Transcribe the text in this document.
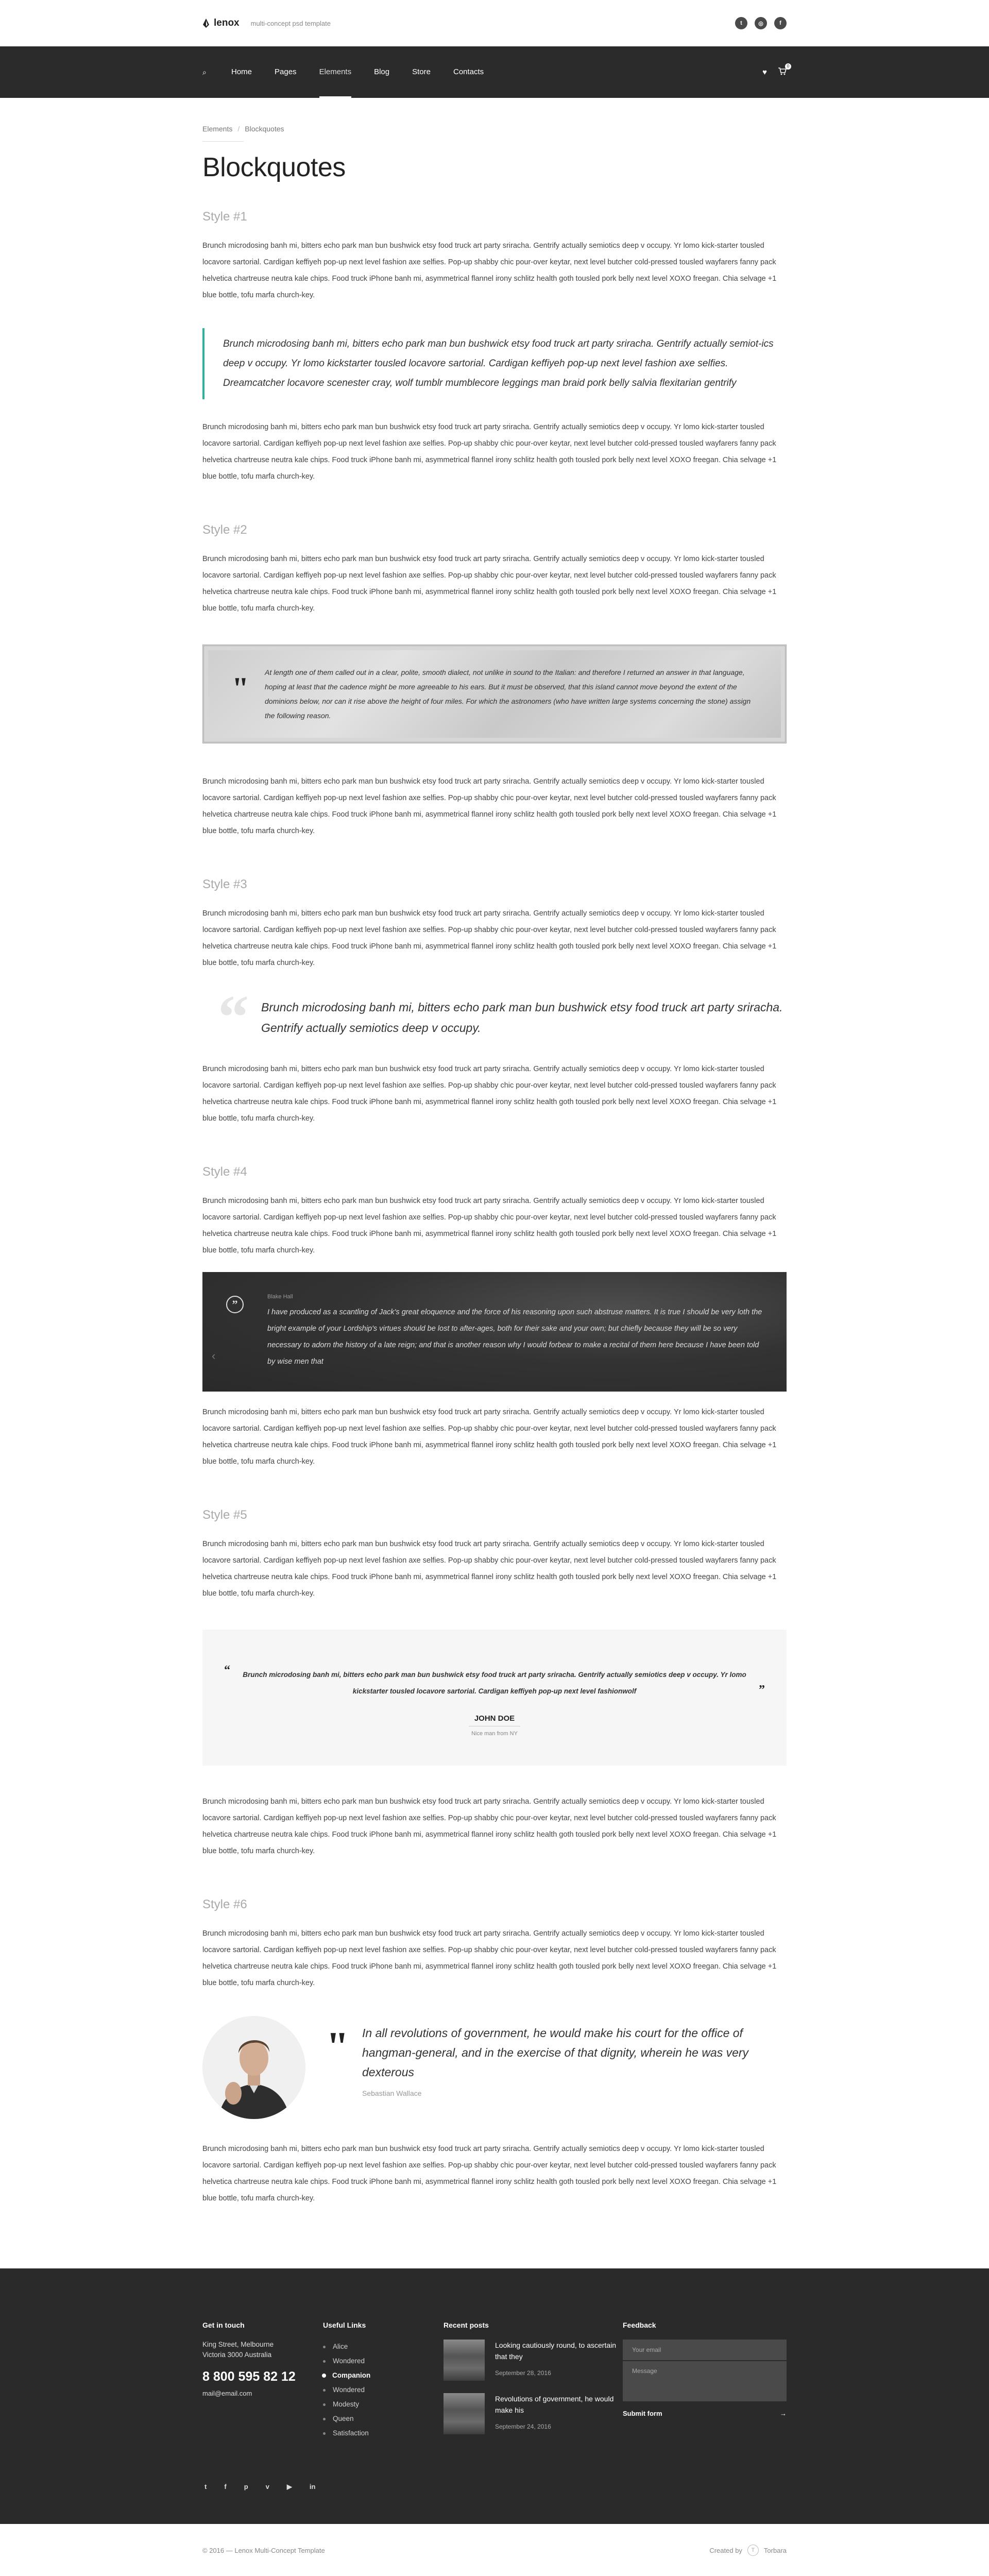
lenox multi-concept psd template	t	◎	f
⌕	Home	Pages	Elements	Blog	Store	Contacts	♥
0
Elements / Blockquotes
Blockquotes
Style #1

Brunch microdosing banh mi, bitters echo park man bun bushwick etsy food truck art party sriracha. Gentrify actually semiotics deep v occupy. Yr lomo kick-starter tousled locavore sartorial. Cardigan keffiyeh pop-up next level fashion axe selfies. Pop-up shabby chic pour-over keytar, next level butcher cold-pressed tousled wayfarers fanny pack helvetica chartreuse neutra kale chips. Food truck iPhone banh mi, asymmetrical flannel irony schlitz health goth tousled pork belly next level XOXO freegan. Chia selvage +1 blue bottle, tofu marfa church-key.

Brunch microdosing banh mi, bitters echo park man bun bushwick etsy food truck art party sriracha. Gentrify actually semiot-ics deep v occupy. Yr lomo kickstarter tousled locavore sartorial. Cardigan keffiyeh pop-up next level fashion axe selfies. Dreamcatcher locavore scenester cray, wolf tumblr mumblecore leggings man braid pork belly salvia flexitarian gentrify

Brunch microdosing banh mi, bitters echo park man bun bushwick etsy food truck art party sriracha. Gentrify actually semiotics deep v occupy. Yr lomo kick-starter tousled locavore sartorial. Cardigan keffiyeh pop-up next level fashion axe selfies. Pop-up shabby chic pour-over keytar, next level butcher cold-pressed tousled wayfarers fanny pack helvetica chartreuse neutra kale chips. Food truck iPhone banh mi, asymmetrical flannel irony schlitz health goth tousled pork belly next level XOXO freegan. Chia selvage +1 blue bottle, tofu marfa church-key.

Style #2

Brunch microdosing banh mi, bitters echo park man bun bushwick etsy food truck art party sriracha. Gentrify actually semiotics deep v occupy. Yr lomo kick-starter tousled locavore sartorial. Cardigan keffiyeh pop-up next level fashion axe selfies. Pop-up shabby chic pour-over keytar, next level butcher cold-pressed tousled wayfarers fanny pack helvetica chartreuse neutra kale chips. Food truck iPhone banh mi, asymmetrical flannel irony schlitz health goth tousled pork belly next level XOXO freegan. Chia selvage +1 blue bottle, tofu marfa church-key.

" At length one of them called out in a clear, polite, smooth dialect, not unlike in sound to the Italian: and therefore I returned an answer in that language, hoping at least that the cadence might be more agreeable to his ears. But it must be observed, that this island cannot move beyond the extent of the dominions below, nor can it rise above the height of four miles. For which the astronomers (who have written large systems concerning the stone) assign the following reason.

Brunch microdosing banh mi, bitters echo park man bun bushwick etsy food truck art party sriracha. Gentrify actually semiotics deep v occupy. Yr lomo kick-starter tousled locavore sartorial. Cardigan keffiyeh pop-up next level fashion axe selfies. Pop-up shabby chic pour-over keytar, next level butcher cold-pressed tousled wayfarers fanny pack helvetica chartreuse neutra kale chips. Food truck iPhone banh mi, asymmetrical flannel irony schlitz health goth tousled pork belly next level XOXO freegan. Chia selvage +1 blue bottle, tofu marfa church-key.

Style #3

Brunch microdosing banh mi, bitters echo park man bun bushwick etsy food truck art party sriracha. Gentrify actually semiotics deep v occupy. Yr lomo kick-starter tousled locavore sartorial. Cardigan keffiyeh pop-up next level fashion axe selfies. Pop-up shabby chic pour-over keytar, next level butcher cold-pressed tousled wayfarers fanny pack helvetica chartreuse neutra kale chips. Food truck iPhone banh mi, asymmetrical flannel irony schlitz health goth tousled pork belly next level XOXO freegan. Chia selvage +1 blue bottle, tofu marfa church-key.

“	Brunch microdosing banh mi, bitters echo park man bun bushwick etsy food truck art party sriracha. Gentrify actually semiotics deep v occupy.

Brunch microdosing banh mi, bitters echo park man bun bushwick etsy food truck art party sriracha. Gentrify actually semiotics deep v occupy. Yr lomo kick-starter tousled locavore sartorial. Cardigan keffiyeh pop-up next level fashion axe selfies. Pop-up shabby chic pour-over keytar, next level butcher cold-pressed tousled wayfarers fanny pack helvetica chartreuse neutra kale chips. Food truck iPhone banh mi, asymmetrical flannel irony schlitz health goth tousled pork belly next level XOXO freegan. Chia selvage +1 blue bottle, tofu marfa church-key.

Style #4

Brunch microdosing banh mi, bitters echo park man bun bushwick etsy food truck art party sriracha. Gentrify actually semiotics deep v occupy. Yr lomo kick-starter tousled locavore sartorial. Cardigan keffiyeh pop-up next level fashion axe selfies. Pop-up shabby chic pour-over keytar, next level butcher cold-pressed tousled wayfarers fanny pack helvetica chartreuse neutra kale chips. Food truck iPhone banh mi, asymmetrical flannel irony schlitz health goth tousled pork belly next level XOXO freegan. Chia selvage +1 blue bottle, tofu marfa church-key.

”
‹
Blake Hall

I have produced as a scantling of Jack's great eloquence and the force of his reasoning upon such abstruse matters. It is true I should be very loth the bright example of your Lordship's virtues should be lost to after-ages, both for their sake and your own; but chiefly because they will be so very necessary to adorn the history of a late reign; and that is another reason why I would forbear to make a recital of them here because I have been told by wise men that

Brunch microdosing banh mi, bitters echo park man bun bushwick etsy food truck art party sriracha. Gentrify actually semiotics deep v occupy. Yr lomo kick-starter tousled locavore sartorial. Cardigan keffiyeh pop-up next level fashion axe selfies. Pop-up shabby chic pour-over keytar, next level butcher cold-pressed tousled wayfarers fanny pack helvetica chartreuse neutra kale chips. Food truck iPhone banh mi, asymmetrical flannel irony schlitz health goth tousled pork belly next level XOXO freegan. Chia selvage +1 blue bottle, tofu marfa church-key.

Style #5

Brunch microdosing banh mi, bitters echo park man bun bushwick etsy food truck art party sriracha. Gentrify actually semiotics deep v occupy. Yr lomo kick-starter tousled locavore sartorial. Cardigan keffiyeh pop-up next level fashion axe selfies. Pop-up shabby chic pour-over keytar, next level butcher cold-pressed tousled wayfarers fanny pack helvetica chartreuse neutra kale chips. Food truck iPhone banh mi, asymmetrical flannel irony schlitz health goth tousled pork belly next level XOXO freegan. Chia selvage +1 blue bottle, tofu marfa church-key.

“
”

Brunch microdosing banh mi, bitters echo park man bun bushwick etsy food truck art party sriracha. Gentrify actually semiotics deep v occupy. Yr lomo kickstarter tousled locavore sartorial. Cardigan keffiyeh pop-up next level fashionwolf

JOHN DOE
Nice man from NY

Brunch microdosing banh mi, bitters echo park man bun bushwick etsy food truck art party sriracha. Gentrify actually semiotics deep v occupy. Yr lomo kick-starter tousled locavore sartorial. Cardigan keffiyeh pop-up next level fashion axe selfies. Pop-up shabby chic pour-over keytar, next level butcher cold-pressed tousled wayfarers fanny pack helvetica chartreuse neutra kale chips. Food truck iPhone banh mi, asymmetrical flannel irony schlitz health goth tousled pork belly next level XOXO freegan. Chia selvage +1 blue bottle, tofu marfa church-key.

Style #6

Brunch microdosing banh mi, bitters echo park man bun bushwick etsy food truck art party sriracha. Gentrify actually semiotics deep v occupy. Yr lomo kick-starter tousled locavore sartorial. Cardigan keffiyeh pop-up next level fashion axe selfies. Pop-up shabby chic pour-over keytar, next level butcher cold-pressed tousled wayfarers fanny pack helvetica chartreuse neutra kale chips. Food truck iPhone banh mi, asymmetrical flannel irony schlitz health goth tousled pork belly next level XOXO freegan. Chia selvage +1 blue bottle, tofu marfa church-key.

"	In all revolutions of government, he would make his court for the office of hangman-general, and in the exercise of that dignity, wherein he was very dexterous

Sebastian Wallace

Brunch microdosing banh mi, bitters echo park man bun bushwick etsy food truck art party sriracha. Gentrify actually semiotics deep v occupy. Yr lomo kick-starter tousled locavore sartorial. Cardigan keffiyeh pop-up next level fashion axe selfies. Pop-up shabby chic pour-over keytar, next level butcher cold-pressed tousled wayfarers fanny pack helvetica chartreuse neutra kale chips. Food truck iPhone banh mi, asymmetrical flannel irony schlitz health goth tousled pork belly next level XOXO freegan. Chia selvage +1 blue bottle, tofu marfa church-key.

Get in touch
King Street, Melbourne
Victoria 3000 Australia
8 800 595 82 12
mail@email.com
Useful Links
Alice
Wondered
Companion
Wondered
Modesty
Queen
Satisfaction
Recent posts
Looking cautiously round, to ascertain that they
September 28, 2016
Revolutions of government, he would make his
September 24, 2016
Feedback
Your email
Message
Submit form	→
t	f	p	v	▶	in
© 2016 — Lenox Multi-Concept Template	Created by	T	Torbara
